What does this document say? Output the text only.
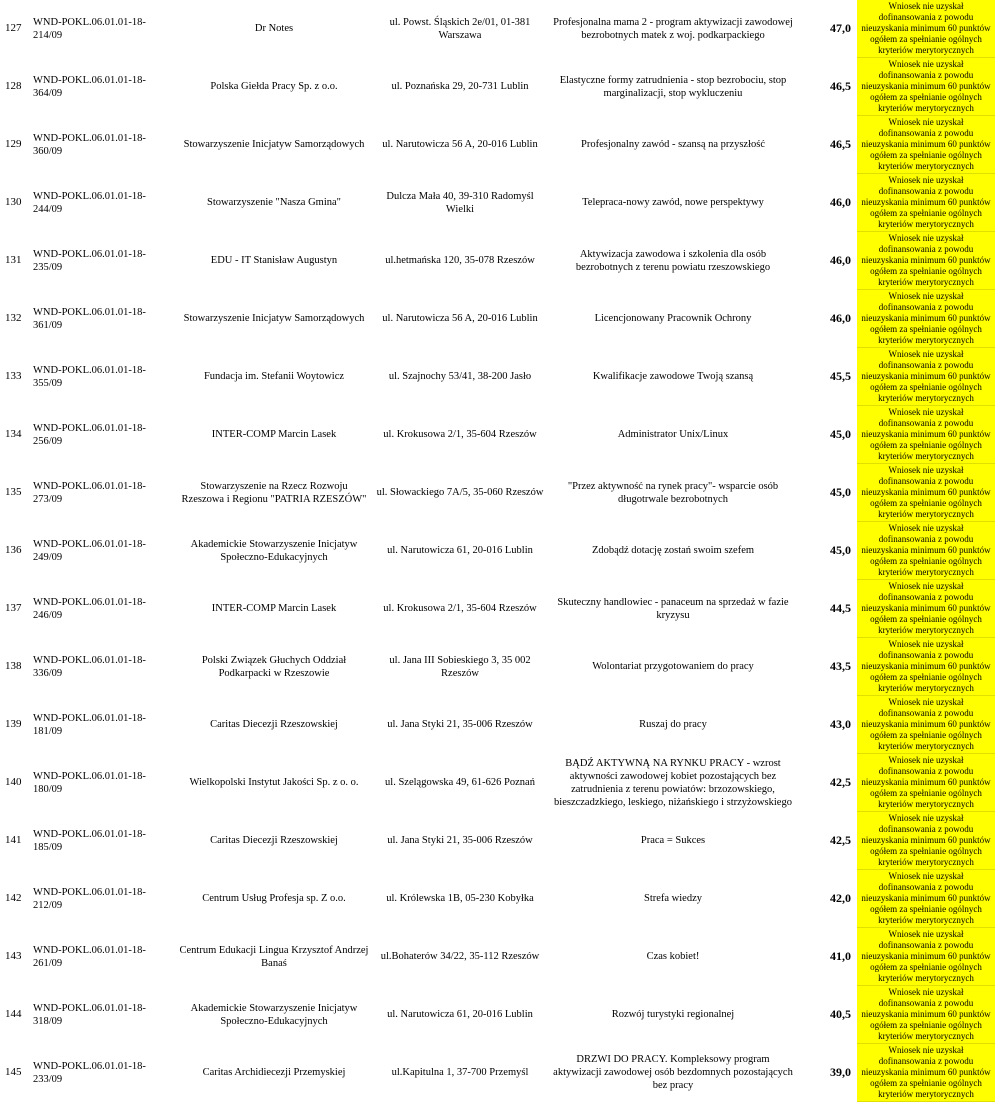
127	WND-POKL.06.01.01-18-214/09	Dr Notes	ul. Powst. Śląskich 2e/01, 01-381 Warszawa	Profesjonalna mama 2 - program aktywizacji zawodowej bezrobotnych matek z woj. podkarpackiego	47,0	Wniosek nie uzyskał dofinansowania z powodu nieuzyskania minimum 60 punktów ogółem za spełnianie ogólnych kryteriów merytorycznych
128	WND-POKL.06.01.01-18-364/09	Polska Giełda Pracy Sp. z o.o.	ul. Poznańska 29, 20-731 Lublin	Elastyczne formy zatrudnienia - stop bezrobociu, stop marginalizacji, stop wykluczeniu	46,5	Wniosek nie uzyskał dofinansowania z powodu nieuzyskania minimum 60 punktów ogółem za spełnianie ogólnych kryteriów merytorycznych
129	WND-POKL.06.01.01-18-360/09	Stowarzyszenie Inicjatyw Samorządowych	ul. Narutowicza 56 A, 20-016 Lublin	Profesjonalny zawód - szansą na przyszłość	46,5	Wniosek nie uzyskał dofinansowania z powodu nieuzyskania minimum 60 punktów ogółem za spełnianie ogólnych kryteriów merytorycznych
130	WND-POKL.06.01.01-18-244/09	Stowarzyszenie "Nasza Gmina"	Dulcza Mała 40, 39-310 Radomyśl Wielki	Telepraca-nowy zawód, nowe perspektywy	46,0	Wniosek nie uzyskał dofinansowania z powodu nieuzyskania minimum 60 punktów ogółem za spełnianie ogólnych kryteriów merytorycznych
131	WND-POKL.06.01.01-18-235/09	EDU - IT Stanisław Augustyn	ul.hetmańska 120, 35-078 Rzeszów	Aktywizacja zawodowa i szkolenia dla osób bezrobotnych z terenu powiatu rzeszowskiego	46,0	Wniosek nie uzyskał dofinansowania z powodu nieuzyskania minimum 60 punktów ogółem za spełnianie ogólnych kryteriów merytorycznych
132	WND-POKL.06.01.01-18-361/09	Stowarzyszenie Inicjatyw Samorządowych	ul. Narutowicza 56 A, 20-016 Lublin	Licencjonowany Pracownik Ochrony	46,0	Wniosek nie uzyskał dofinansowania z powodu nieuzyskania minimum 60 punktów ogółem za spełnianie ogólnych kryteriów merytorycznych
133	WND-POKL.06.01.01-18-355/09	Fundacja im. Stefanii Woytowicz	ul. Szajnochy 53/41, 38-200 Jasło	Kwalifikacje zawodowe Twoją szansą	45,5	Wniosek nie uzyskał dofinansowania z powodu nieuzyskania minimum 60 punktów ogółem za spełnianie ogólnych kryteriów merytorycznych
134	WND-POKL.06.01.01-18-256/09	INTER-COMP Marcin Lasek	ul. Krokusowa 2/1, 35-604 Rzeszów	Administrator Unix/Linux	45,0	Wniosek nie uzyskał dofinansowania z powodu nieuzyskania minimum 60 punktów ogółem za spełnianie ogólnych kryteriów merytorycznych
135	WND-POKL.06.01.01-18-273/09	Stowarzyszenie na Rzecz Rozwoju Rzeszowa i Regionu "PATRIA RZESZÓW"	ul. Słowackiego 7A/5, 35-060 Rzeszów	"Przez aktywność na rynek pracy"- wsparcie osób długotrwale bezrobotnych	45,0	Wniosek nie uzyskał dofinansowania z powodu nieuzyskania minimum 60 punktów ogółem za spełnianie ogólnych kryteriów merytorycznych
136	WND-POKL.06.01.01-18-249/09	Akademickie Stowarzyszenie Inicjatyw Społeczno-Edukacyjnych	ul. Narutowicza 61, 20-016 Lublin	Zdobądź dotację zostań swoim szefem	45,0	Wniosek nie uzyskał dofinansowania z powodu nieuzyskania minimum 60 punktów ogółem za spełnianie ogólnych kryteriów merytorycznych
137	WND-POKL.06.01.01-18-246/09	INTER-COMP Marcin Lasek	ul. Krokusowa 2/1, 35-604 Rzeszów	Skuteczny handlowiec - panaceum na sprzedaż w fazie kryzysu	44,5	Wniosek nie uzyskał dofinansowania z powodu nieuzyskania minimum 60 punktów ogółem za spełnianie ogólnych kryteriów merytorycznych
138	WND-POKL.06.01.01-18-336/09	Polski Związek Głuchych Oddział Podkarpacki w Rzeszowie	ul. Jana III Sobieskiego 3, 35 002 Rzeszów	Wolontariat przygotowaniem do pracy	43,5	Wniosek nie uzyskał dofinansowania z powodu nieuzyskania minimum 60 punktów ogółem za spełnianie ogólnych kryteriów merytorycznych
139	WND-POKL.06.01.01-18-181/09	Caritas Diecezji Rzeszowskiej	ul. Jana Styki 21, 35-006 Rzeszów	Ruszaj do pracy	43,0	Wniosek nie uzyskał dofinansowania z powodu nieuzyskania minimum 60 punktów ogółem za spełnianie ogólnych kryteriów merytorycznych
140	WND-POKL.06.01.01-18-180/09	Wielkopolski Instytut Jakości Sp. z o. o.	ul. Szelągowska 49, 61-626 Poznań	BĄDŹ AKTYWNĄ NA RYNKU PRACY - wzrost aktywności zawodowej kobiet pozostających bez zatrudnienia z terenu powiatów: brzozowskiego, bieszczadzkiego, leskiego, niżańskiego i strzyżowskiego	42,5	Wniosek nie uzyskał dofinansowania z powodu nieuzyskania minimum 60 punktów ogółem za spełnianie ogólnych kryteriów merytorycznych
141	WND-POKL.06.01.01-18-185/09	Caritas Diecezji Rzeszowskiej	ul. Jana Styki 21, 35-006 Rzeszów	Praca = Sukces	42,5	Wniosek nie uzyskał dofinansowania z powodu nieuzyskania minimum 60 punktów ogółem za spełnianie ogólnych kryteriów merytorycznych
142	WND-POKL.06.01.01-18-212/09	Centrum Usług Profesja sp. Z o.o.	ul. Królewska 1B, 05-230 Kobyłka	Strefa wiedzy	42,0	Wniosek nie uzyskał dofinansowania z powodu nieuzyskania minimum 60 punktów ogółem za spełnianie ogólnych kryteriów merytorycznych
143	WND-POKL.06.01.01-18-261/09	Centrum Edukacji Lingua Krzysztof Andrzej Banaś	ul.Bohaterów 34/22, 35-112 Rzeszów	Czas kobiet!	41,0	Wniosek nie uzyskał dofinansowania z powodu nieuzyskania minimum 60 punktów ogółem za spełnianie ogólnych kryteriów merytorycznych
144	WND-POKL.06.01.01-18-318/09	Akademickie Stowarzyszenie Inicjatyw Społeczno-Edukacyjnych	ul. Narutowicza 61, 20-016 Lublin	Rozwój turystyki regionalnej	40,5	Wniosek nie uzyskał dofinansowania z powodu nieuzyskania minimum 60 punktów ogółem za spełnianie ogólnych kryteriów merytorycznych
145	WND-POKL.06.01.01-18-233/09	Caritas Archidiecezji Przemyskiej	ul.Kapitulna 1, 37-700 Przemyśl	DRZWI DO PRACY. Kompleksowy program aktywizacji zawodowej osób bezdomnych pozostających bez pracy	39,0	Wniosek nie uzyskał dofinansowania z powodu nieuzyskania minimum 60 punktów ogółem za spełnianie ogólnych kryteriów merytorycznych
